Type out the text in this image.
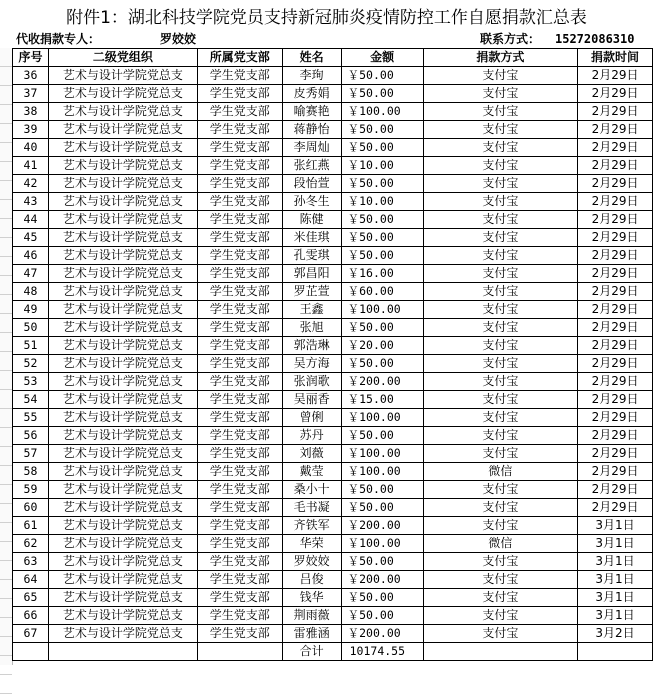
附件1：湖北科技学院党员支持新冠肺炎疫情防控工作自愿捐款汇总表
代收捐款专人：	罗姣姣	联系方式： 15272086310
序号	二级党组织	所属党支部	姓名	金额	捐款方式	捐款时间
36	艺术与设计学院党总支	学生党支部	李珣	￥50.00	支付宝	2月29日
37	艺术与设计学院党总支	学生党支部	皮秀娟	￥50.00	支付宝	2月29日
38	艺术与设计学院党总支	学生党支部	喻赛艳	￥100.00	支付宝	2月29日
39	艺术与设计学院党总支	学生党支部	蒋静怡	￥50.00	支付宝	2月29日
40	艺术与设计学院党总支	学生党支部	李周灿	￥50.00	支付宝	2月29日
41	艺术与设计学院党总支	学生党支部	张红燕	￥10.00	支付宝	2月29日
42	艺术与设计学院党总支	学生党支部	段怡萱	￥50.00	支付宝	2月29日
43	艺术与设计学院党总支	学生党支部	孙冬生	￥10.00	支付宝	2月29日
44	艺术与设计学院党总支	学生党支部	陈健	￥50.00	支付宝	2月29日
45	艺术与设计学院党总支	学生党支部	米佳琪	￥50.00	支付宝	2月29日
46	艺术与设计学院党总支	学生党支部	孔雯琪	￥50.00	支付宝	2月29日
47	艺术与设计学院党总支	学生党支部	郭昌阳	￥16.00	支付宝	2月29日
48	艺术与设计学院党总支	学生党支部	罗芷萱	￥60.00	支付宝	2月29日
49	艺术与设计学院党总支	学生党支部	王鑫	￥100.00	支付宝	2月29日
50	艺术与设计学院党总支	学生党支部	张旭	￥50.00	支付宝	2月29日
51	艺术与设计学院党总支	学生党支部	郭浩琳	￥20.00	支付宝	2月29日
52	艺术与设计学院党总支	学生党支部	吴方海	￥50.00	支付宝	2月29日
53	艺术与设计学院党总支	学生党支部	张润歌	￥200.00	支付宝	2月29日
54	艺术与设计学院党总支	学生党支部	吴丽香	￥15.00	支付宝	2月29日
55	艺术与设计学院党总支	学生党支部	曾俐	￥100.00	支付宝	2月29日
56	艺术与设计学院党总支	学生党支部	苏丹	￥50.00	支付宝	2月29日
57	艺术与设计学院党总支	学生党支部	刘薇	￥100.00	支付宝	2月29日
58	艺术与设计学院党总支	学生党支部	戴莹	￥100.00	微信	2月29日
59	艺术与设计学院党总支	学生党支部	桑小十	￥50.00	支付宝	2月29日
60	艺术与设计学院党总支	学生党支部	毛书凝	￥50.00	支付宝	2月29日
61	艺术与设计学院党总支	学生党支部	齐铁军	￥200.00	支付宝	3月1日
62	艺术与设计学院党总支	学生党支部	华荣	￥100.00	微信	3月1日
63	艺术与设计学院党总支	学生党支部	罗姣姣	￥50.00	支付宝	3月1日
64	艺术与设计学院党总支	学生党支部	吕俊	￥200.00	支付宝	3月1日
65	艺术与设计学院党总支	学生党支部	钱华	￥50.00	支付宝	3月1日
66	艺术与设计学院党总支	学生党支部	荆雨薇	￥50.00	支付宝	3月1日
67	艺术与设计学院党总支	学生党支部	雷雅涵	￥200.00	支付宝	3月2日
			合计	10174.55		
